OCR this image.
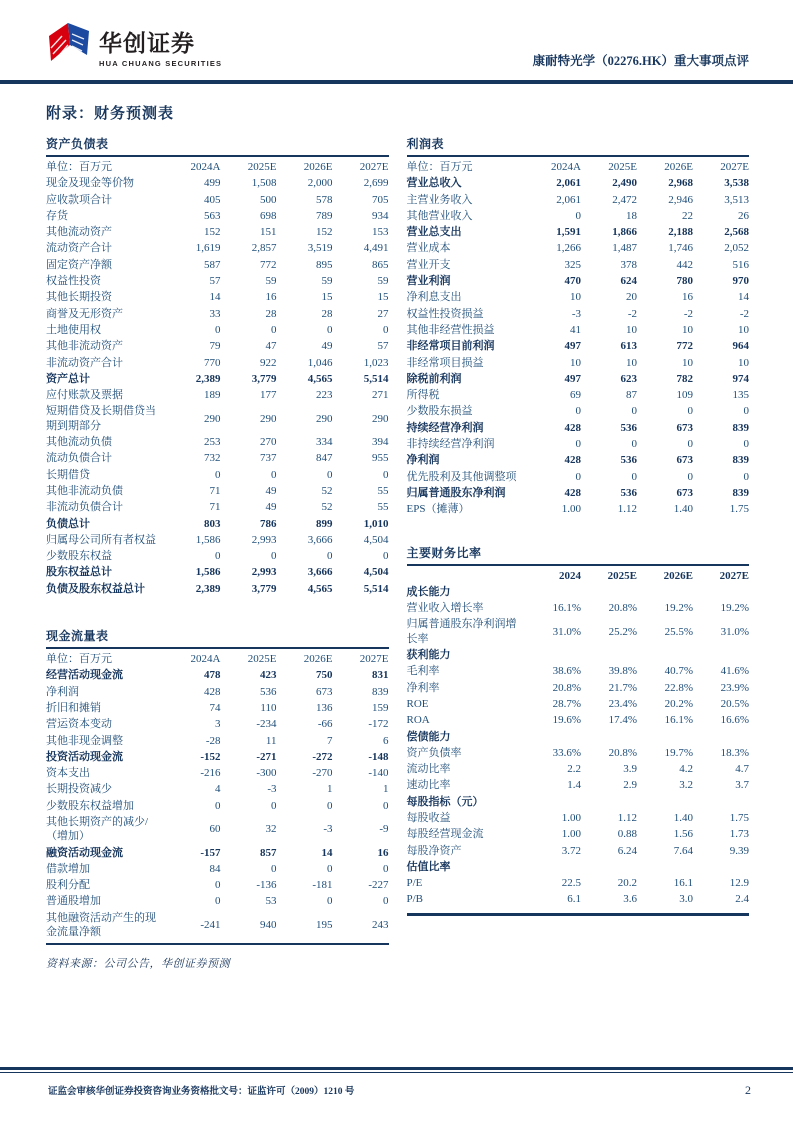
华创证券
HUA CHUANG SECURITIES	康耐特光学（02276.HK）重大事项点评
附录：财务预测表
资产负债表
单位：百万元	2024A	2025E	2026E	2027E
现金及现金等价物	499	1,508	2,000	2,699
应收款项合计	405	500	578	705
存货	563	698	789	934
其他流动资产	152	151	152	153
流动资产合计	1,619	2,857	3,519	4,491
固定资产净额	587	772	895	865
权益性投资	57	59	59	59
其他长期投资	14	16	15	15
商誉及无形资产	33	28	28	27
土地使用权	0	0	0	0
其他非流动资产	79	47	49	57
非流动资产合计	770	922	1,046	1,023
资产总计	2,389	3,779	4,565	5,514
应付账款及票据	189	177	223	271
短期借贷及长期借贷当期到期部分
290	290	290	290
其他流动负债	253	270	334	394
流动负债合计	732	737	847	955
长期借贷	0	0	0	0
其他非流动负债	71	49	52	55
非流动负债合计	71	49	52	55
负债总计	803	786	899	1,010
归属母公司所有者权益	1,586	2,993	3,666	4,504
少数股东权益	0	0	0	0
股东权益总计	1,586	2,993	3,666	4,504
负债及股东权益总计	2,389	3,779	4,565	5,514
现金流量表
单位：百万元	2024A	2025E	2026E	2027E
经营活动现金流	478	423	750	831
净利润	428	536	673	839
折旧和摊销	74	110	136	159
营运资本变动	3	-234	-66	-172
其他非现金调整	-28	11	7	6
投资活动现金流	-152	-271	-272	-148
资本支出	-216	-300	-270	-140
长期投资减少	4	-3	1	1
少数股东权益增加	0	0	0	0
其他长期资产的减少/（增加）
60	32	-3	-9
融资活动现金流	-157	857	14	16
借款增加	84	0	0	0
股利分配	0	-136	-181	-227
普通股增加	0	53	0	0
其他融资活动产生的现金流量净额
-241	940	195	243
资料来源：公司公告，华创证券预测
利润表
单位：百万元	2024A	2025E	2026E	2027E
营业总收入	2,061	2,490	2,968	3,538
主营业务收入	2,061	2,472	2,946	3,513
其他营业收入	0	18	22	26
营业总支出	1,591	1,866	2,188	2,568
营业成本	1,266	1,487	1,746	2,052
营业开支	325	378	442	516
营业利润	470	624	780	970
净利息支出	10	20	16	14
权益性投资损益	-3	-2	-2	-2
其他非经营性损益	41	10	10	10
非经常项目前利润	497	613	772	964
非经常项目损益	10	10	10	10
除税前利润	497	623	782	974
所得税	69	87	109	135
少数股东损益	0	0	0	0
持续经营净利润	428	536	673	839
非持续经营净利润	0	0	0	0
净利润	428	536	673	839
优先股利及其他调整项	0	0	0	0
归属普通股东净利润	428	536	673	839
EPS（摊薄）	1.00	1.12	1.40	1.75
主要财务比率
2024	2025E	2026E	2027E
成长能力
营业收入增长率	16.1%	20.8%	19.2%	19.2%
归属普通股东净利润增长率
31.0%	25.2%	25.5%	31.0%
获利能力
毛利率	38.6%	39.8%	40.7%	41.6%
净利率	20.8%	21.7%	22.8%	23.9%
ROE	28.7%	23.4%	20.2%	20.5%
ROA	19.6%	17.4%	16.1%	16.6%
偿债能力
资产负债率	33.6%	20.8%	19.7%	18.3%
流动比率	2.2	3.9	4.2	4.7
速动比率	1.4	2.9	3.2	3.7
每股指标（元）
每股收益	1.00	1.12	1.40	1.75
每股经营现金流	1.00	0.88	1.56	1.73
每股净资产	3.72	6.24	7.64	9.39
估值比率
P/E	22.5	20.2	16.1	12.9
P/B	6.1	3.6	3.0	2.4
证监会审核华创证券投资咨询业务资格批文号：证监许可（2009）1210 号	2
